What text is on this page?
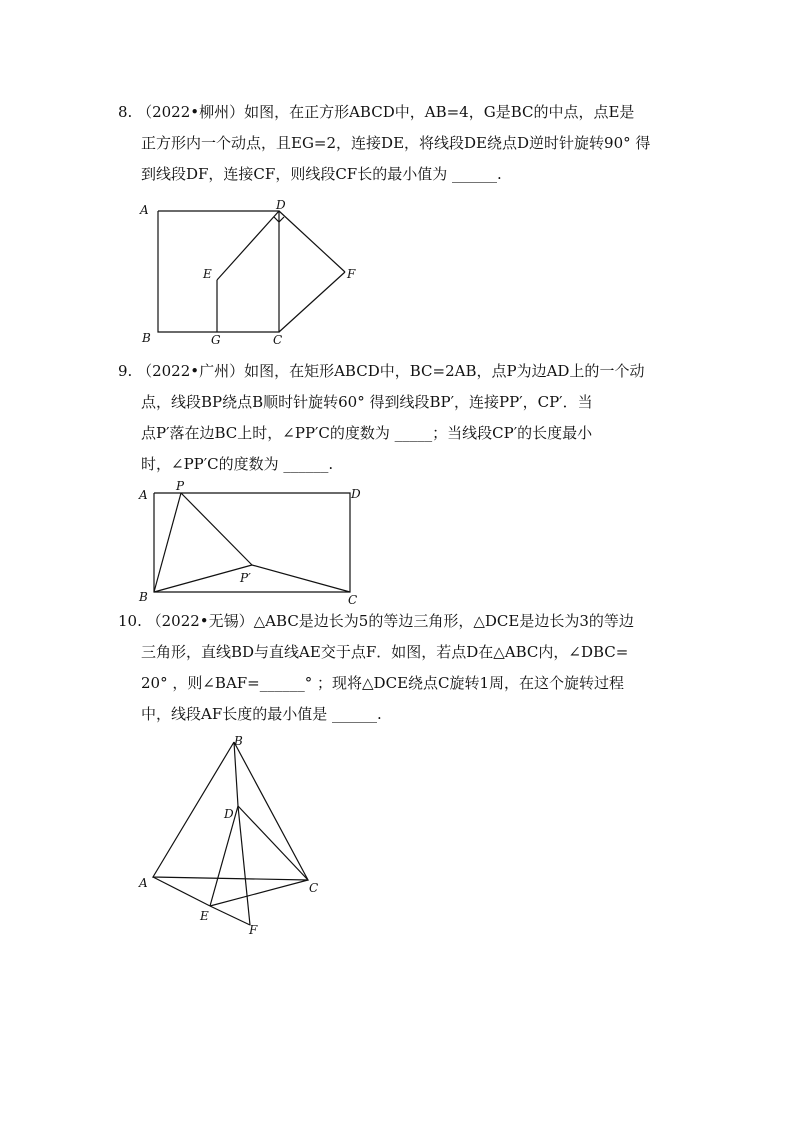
8. （2022•柳州）如图，在正方形ABCD中，AB=4，G是BC的中点，点E是
正方形内一个动点，且EG=2，连接DE，将线段DE绕点D逆时针旋转90° 得
到线段DF，连接CF，则线段CF长的最小值为 ______.
A	D
E	F
B	G	C
9. （2022•广州）如图，在矩形ABCD中，BC=2AB，点P为边AD上的一个动
点，线段BP绕点B顺时针旋转60° 得到线段BP′，连接PP′，CP′．当
点P′落在边BC上时，∠PP′C的度数为 _____；当线段CP′的长度最小
时，∠PP′C的度数为 ______.
A
P
D
P′
B	C
10. （2022•无锡）△ABC是边长为5的等边三角形，△DCE是边长为3的等边
三角形，直线BD与直线AE交于点F．如图，若点D在△ABC内，∠DBC=
20° ，则∠BAF=______° ；现将△DCE绕点C旋转1周，在这个旋转过程
中，线段AF长度的最小值是 ______.
B
D
A	C
E
F
